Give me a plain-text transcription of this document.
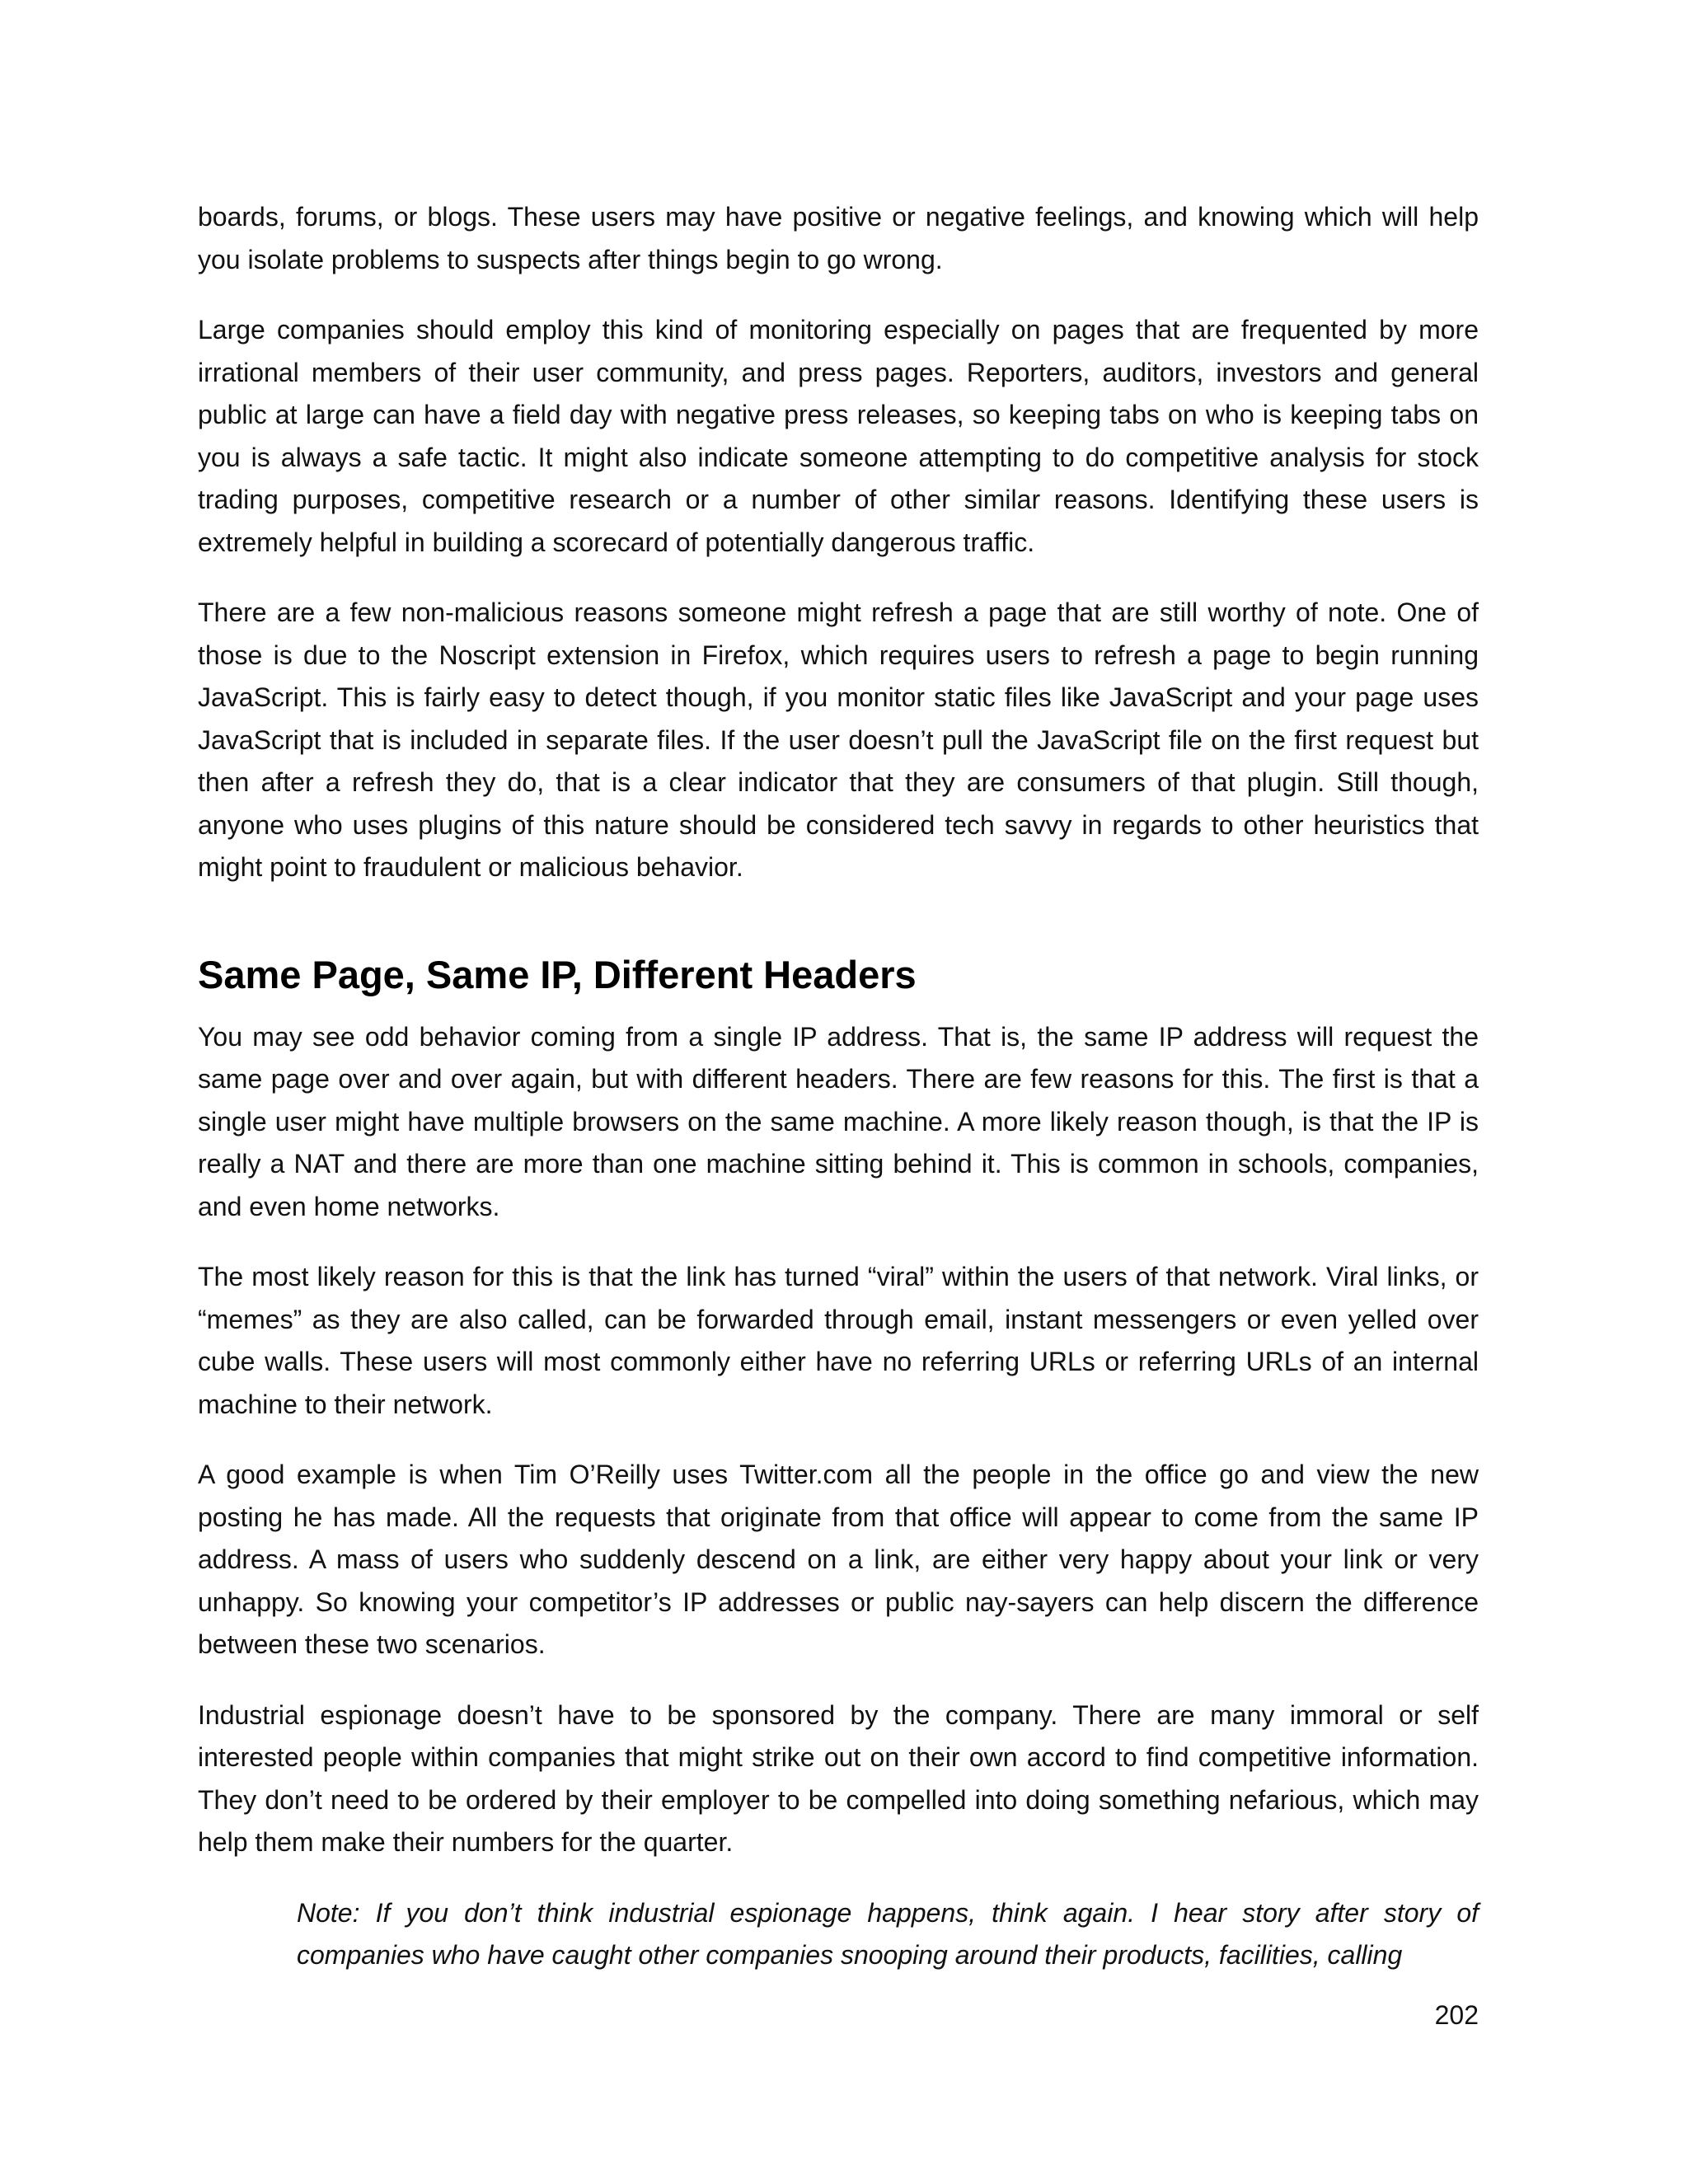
boards, forums, or blogs. These users may have positive or negative feelings, and knowing which will help you isolate problems to suspects after things begin to go wrong.

Large companies should employ this kind of monitoring especially on pages that are frequented by more irrational members of their user community, and press pages. Reporters, auditors, investors and general public at large can have a field day with negative press releases, so keeping tabs on who is keeping tabs on you is always a safe tactic. It might also indicate someone attempting to do competitive analysis for stock trading purposes, competitive research or a number of other similar reasons. Identifying these users is extremely helpful in building a scorecard of potentially dangerous traffic.

There are a few non-malicious reasons someone might refresh a page that are still worthy of note. One of those is due to the Noscript extension in Firefox, which requires users to refresh a page to begin running JavaScript. This is fairly easy to detect though, if you monitor static files like JavaScript and your page uses JavaScript that is included in separate files. If the user doesn’t pull the JavaScript file on the first request but then after a refresh they do, that is a clear indicator that they are consumers of that plugin. Still though, anyone who uses plugins of this nature should be considered tech savvy in regards to other heuristics that might point to fraudulent or malicious behavior.

Same Page, Same IP, Different Headers

You may see odd behavior coming from a single IP address. That is, the same IP address will request the same page over and over again, but with different headers. There are few reasons for this. The first is that a single user might have multiple browsers on the same machine. A more likely reason though, is that the IP is really a NAT and there are more than one machine sitting behind it. This is common in schools, companies, and even home networks.

The most likely reason for this is that the link has turned “viral” within the users of that network. Viral links, or “memes” as they are also called, can be forwarded through email, instant messengers or even yelled over cube walls. These users will most commonly either have no referring URLs or referring URLs of an internal machine to their network.

A good example is when Tim O’Reilly uses Twitter.com all the people in the office go and view the new posting he has made. All the requests that originate from that office will appear to come from the same IP address. A mass of users who suddenly descend on a link, are either very happy about your link or very unhappy. So knowing your competitor’s IP addresses or public nay-sayers can help discern the difference between these two scenarios.

Industrial espionage doesn’t have to be sponsored by the company. There are many immoral or self interested people within companies that might strike out on their own accord to find competitive information. They don’t need to be ordered by their employer to be compelled into doing something nefarious, which may help them make their numbers for the quarter.

Note: If you don’t think industrial espionage happens, think again. I hear story after story of companies who have caught other companies snooping around their products, facilities, calling

202
